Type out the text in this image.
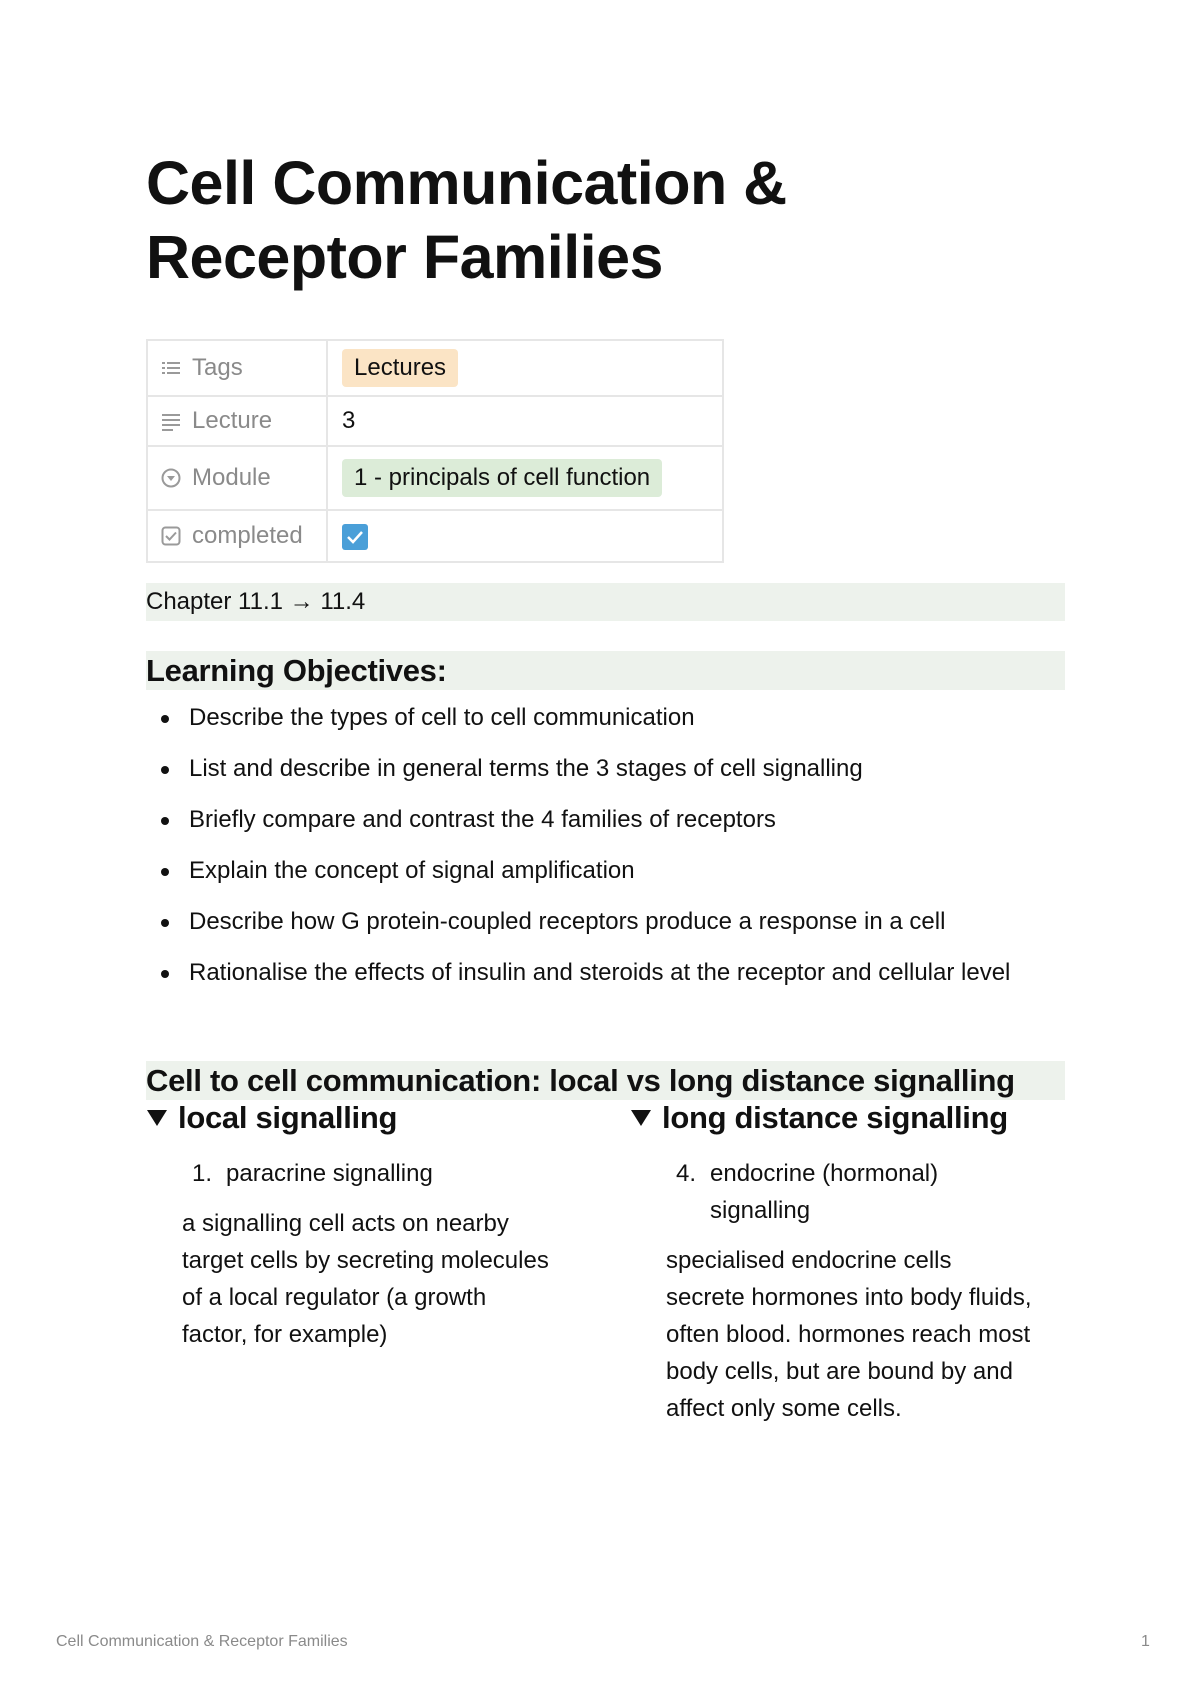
Cell Communication &
Receptor Families
Tags	Lectures

Lecture	3

Module	1 - principals of cell function

completed	
Chapter 11.1 → 11.4
Learning Objectives:
Describe the types of cell to cell communication
List and describe in general terms the 3 stages of cell signalling
Briefly compare and contrast the 4 families of receptors
Explain the concept of signal amplification
Describe how G protein-coupled receptors produce a response in a cell
Rationalise the effects of insulin and steroids at the receptor and cellular level
Cell to cell communication: local vs long distance signalling
local signalling
1. paracrine signalling
a signalling cell acts on nearby target cells by secreting molecules of a local regulator (a growth factor, for example)
long distance signalling
4. endocrine (hormonal) signalling
specialised endocrine cells secrete hormones into body fluids, often blood. hormones reach most body cells, but are bound by and affect only some cells.
Cell Communication & Receptor Families	1
